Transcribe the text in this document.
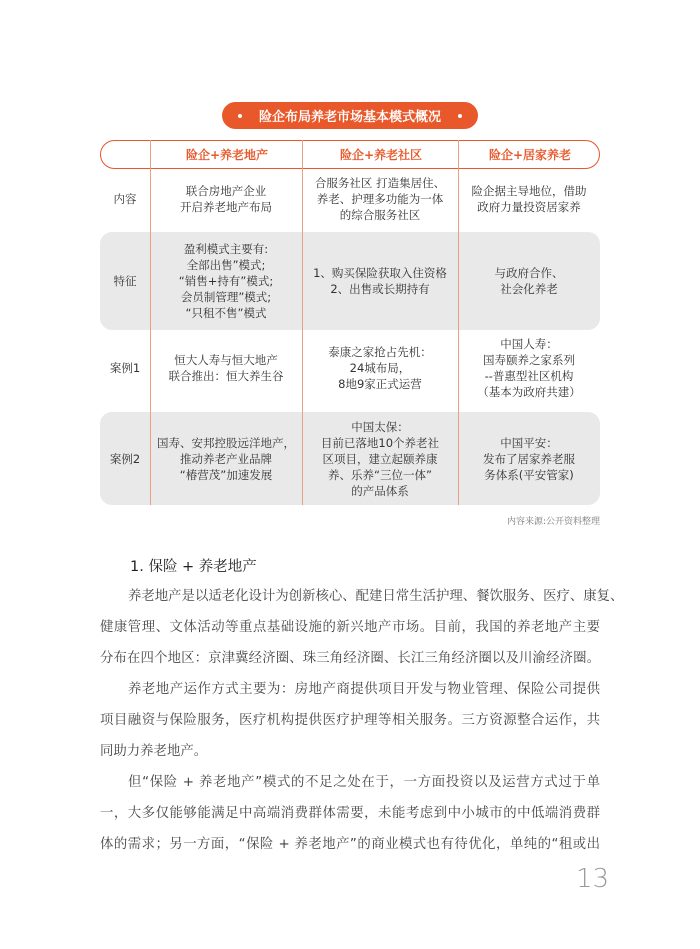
险企布局养老市场基本模式概况
险企+养老地产	险企+养老社区	险企+居家养老
内容
联合房地产企业
开启养老地产布局
合服务社区 打造集居住、
养老、护理多功能为一体
的综合服务社区
险企据主导地位，借助
政府力量投资居家养
特征
盈利模式主要有:
全部出售”模式;
“销售+持有”模式;
会员制管理”模式;
“只租不售”模式
1、购买保险获取入住资格
2、出售或长期持有
与政府合作、
社会化养老
案例1
恒大人寿与恒大地产
联合推出：恒大养生谷
泰康之家抢占先机：
24城布局，
8地9家正式运营
中国人寿：
国寿颐养之家系列
--普惠型社区机构
（基本为政府共建）
案例2
国寿、安邦控股远洋地产，
推动养老产业品牌
“椿营茂”加速发展
中国太保：
目前已落地10个养老社
区项目，建立起颐养康
养、乐养“三位一体”
的产品体系
中国平安：
发布了居家养老服
务体系(平安管家)
内容来源:公开资料整理
1. 保险 + 养老地产
养老地产是以适老化设计为创新核心、配建日常生活护理、餐饮服务、医疗、康复、
健康管理、文体活动等重点基础设施的新兴地产市场。目前，我国的养老地产主要
分布在四个地区：京津冀经济圈、珠三角经济圈、长江三角经济圈以及川渝经济圈。
养老地产运作方式主要为：房地产商提供项目开发与物业管理、保险公司提供
项目融资与保险服务，医疗机构提供医疗护理等相关服务。三方资源整合运作，共
同助力养老地产。
但“保险 + 养老地产”模式的不足之处在于，一方面投资以及运营方式过于单
一，大多仅能够能满足中高端消费群体需要，未能考虑到中小城市的中低端消费群
体的需求；另一方面，“保险 + 养老地产”的商业模式也有待优化，单纯的“租或出
13
